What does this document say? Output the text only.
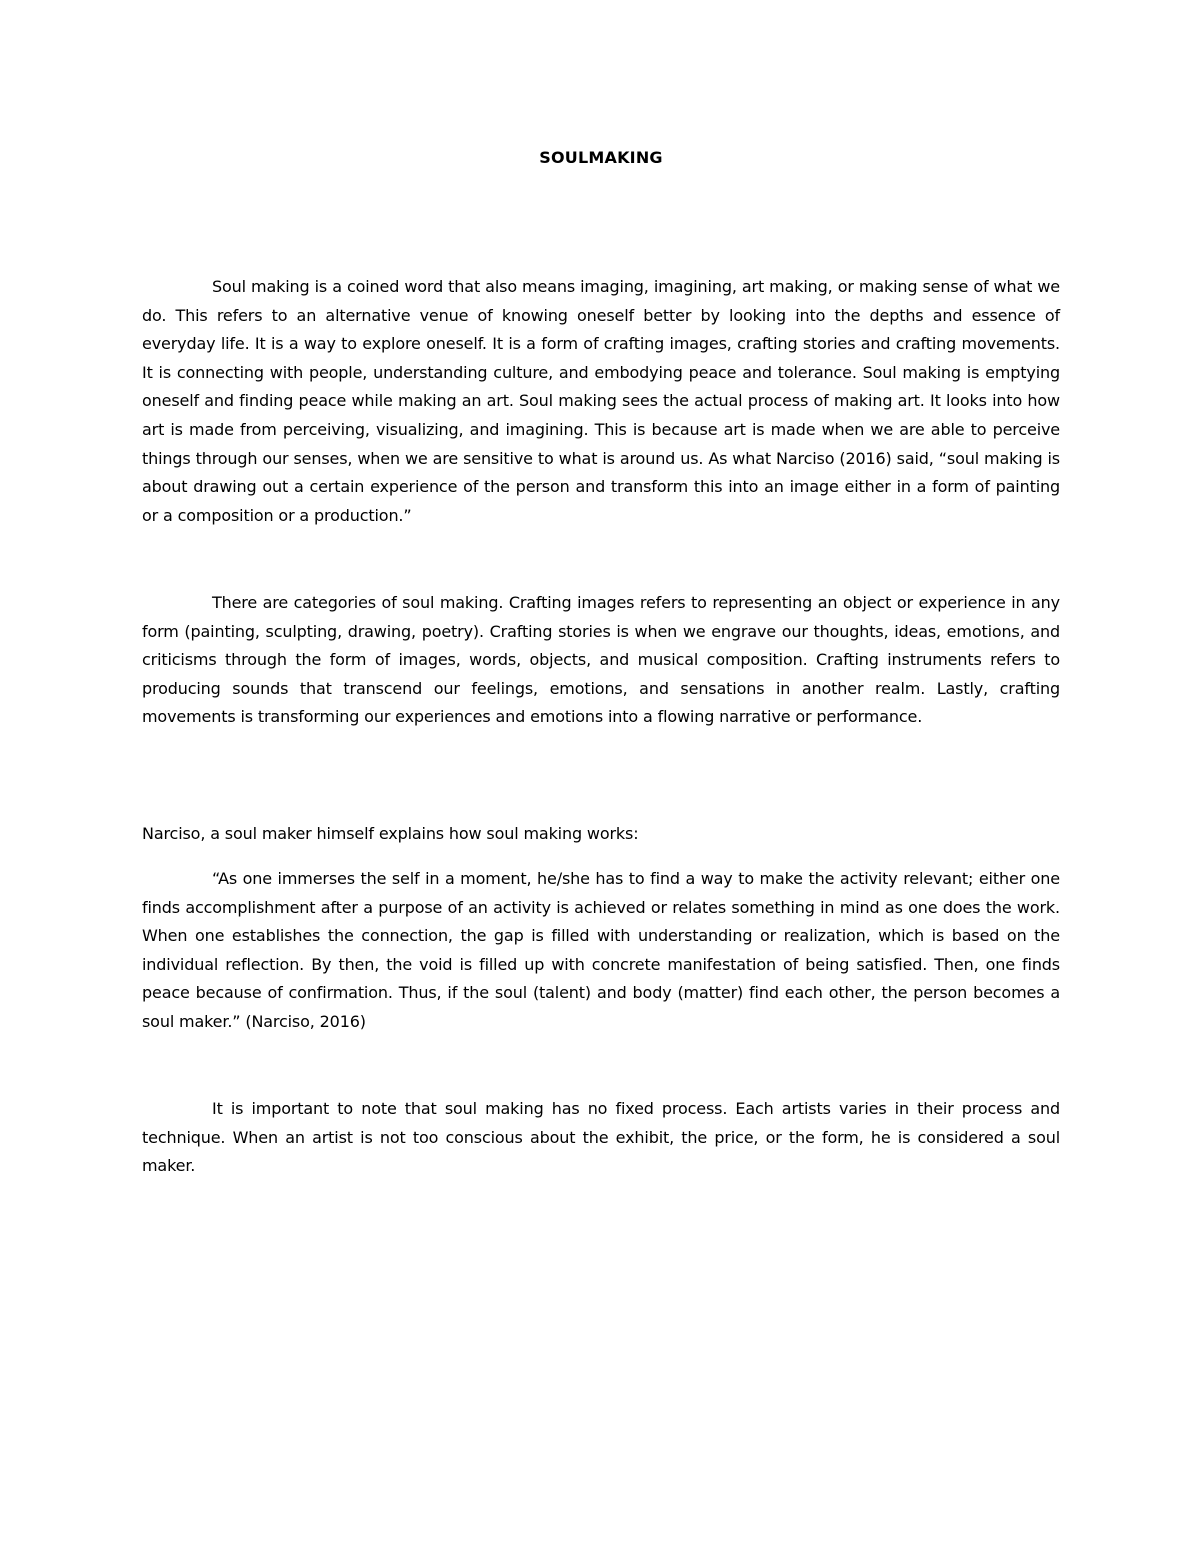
SOULMAKING

Soul making is a coined word that also means imaging, imagining, art making, or making sense of what we do. This refers to an alternative venue of knowing oneself better by looking into the depths and essence of everyday life. It is a way to explore oneself. It is a form of crafting images, crafting stories and crafting movements. It is connecting with people, understanding culture, and embodying peace and tolerance. Soul making is emptying oneself and finding peace while making an art. Soul making sees the actual process of making art. It looks into how art is made from perceiving, visualizing, and imagining. This is because art is made when we are able to perceive things through our senses, when we are sensitive to what is around us. As what Narciso (2016) said, “soul making is about drawing out a certain experience of the person and transform this into an image either in a form of painting or a composition or a production.”

There are categories of soul making. Crafting images refers to representing an object or experience in any form (painting, sculpting, drawing, poetry). Crafting stories is when we engrave our thoughts, ideas, emotions, and criticisms through the form of images, words, objects, and musical composition. Crafting instruments refers to producing sounds that transcend our feelings, emotions, and sensations in another realm. Lastly, crafting movements is transforming our experiences and emotions into a flowing narrative or performance.

Narciso, a soul maker himself explains how soul making works:

“As one immerses the self in a moment, he/she has to find a way to make the activity relevant; either one finds accomplishment after a purpose of an activity is achieved or relates something in mind as one does the work. When one establishes the connection, the gap is filled with understanding or realization, which is based on the individual reflection. By then, the void is filled up with concrete manifestation of being satisfied. Then, one finds peace because of confirmation. Thus, if the soul (talent) and body (matter) find each other, the person becomes a soul maker.” (Narciso, 2016)

It is important to note that soul making has no fixed process. Each artists varies in their process and technique. When an artist is not too conscious about the exhibit, the price, or the form, he is considered a soul maker.
